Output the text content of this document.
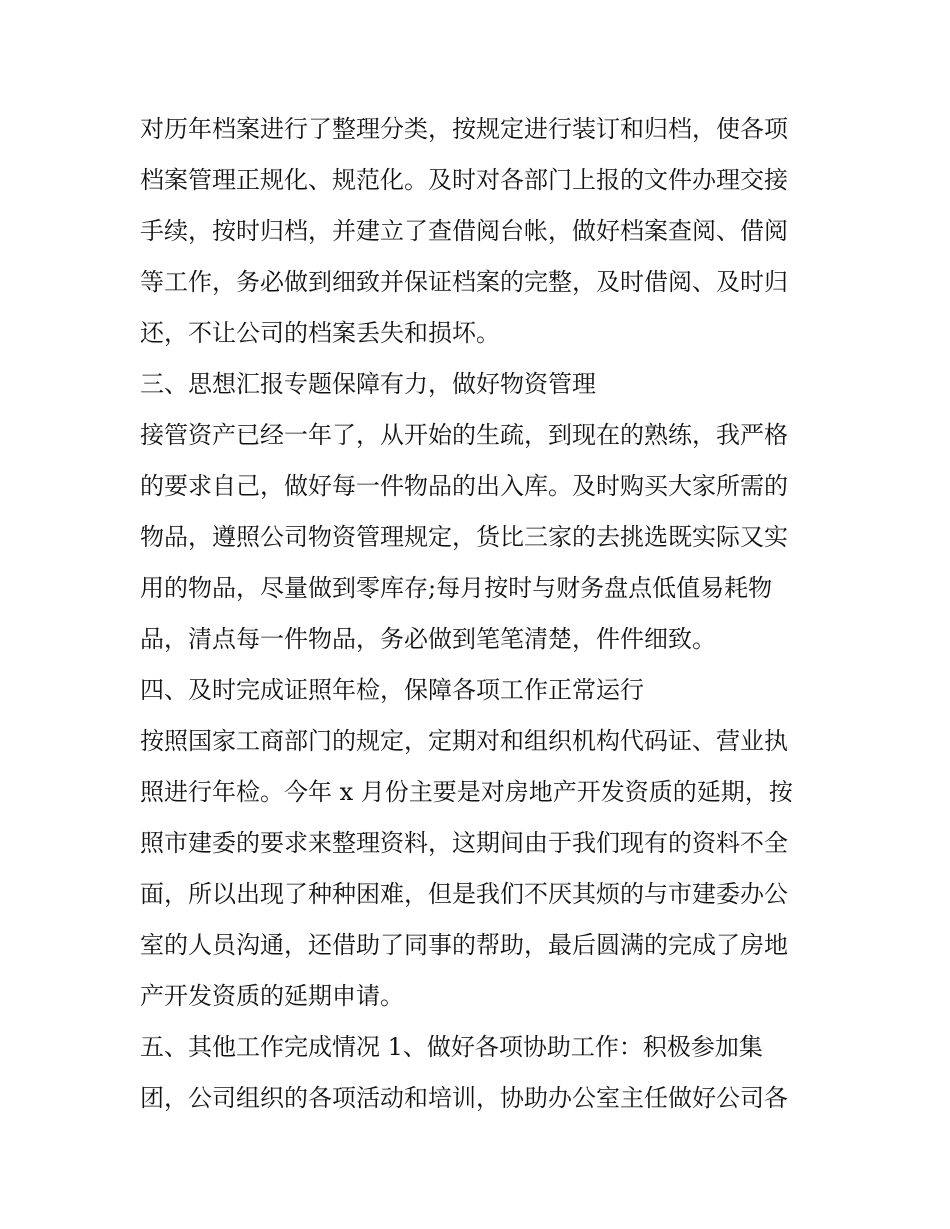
对历年档案进行了整理分类，按规定进行装订和归档，使各项
档案管理正规化、规范化。及时对各部门上报的文件办理交接
手续，按时归档，并建立了查借阅台帐，做好档案查阅、借阅
等工作，务必做到细致并保证档案的完整，及时借阅、及时归
还，不让公司的档案丢失和损坏。
三、思想汇报专题保障有力，做好物资管理
接管资产已经一年了，从开始的生疏，到现在的熟练，我严格
的要求自己，做好每一件物品的出入库。及时购买大家所需的
物品，遵照公司物资管理规定，货比三家的去挑选既实际又实
用的物品，尽量做到零库存;每月按时与财务盘点低值易耗物
品，清点每一件物品，务必做到笔笔清楚，件件细致。
四、及时完成证照年检，保障各项工作正常运行
按照国家工商部门的规定，定期对和组织机构代码证、营业执
照进行年检。今年 x 月份主要是对房地产开发资质的延期，按
照市建委的要求来整理资料，这期间由于我们现有的资料不全
面，所以出现了种种困难，但是我们不厌其烦的与市建委办公
室的人员沟通，还借助了同事的帮助，最后圆满的完成了房地
产开发资质的延期申请。
五、其他工作完成情况 1、做好各项协助工作：积极参加集
团，公司组织的各项活动和培训，协助办公室主任做好公司各
